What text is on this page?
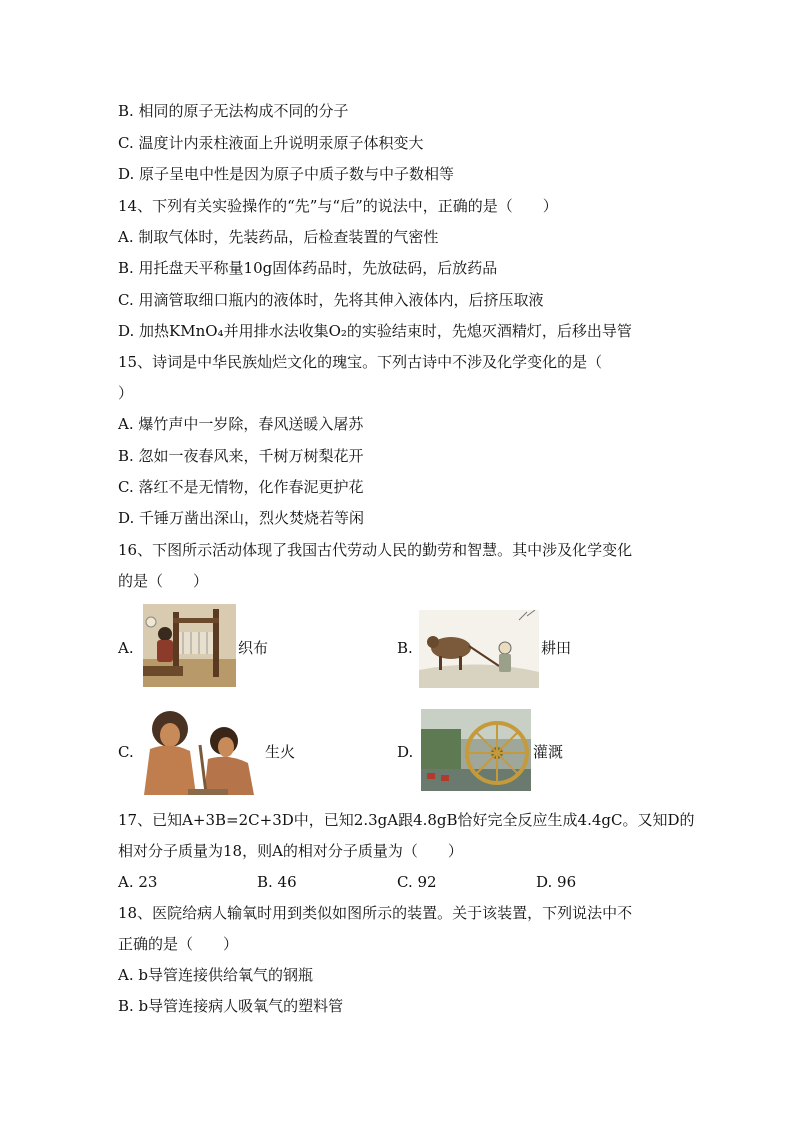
B. 相同的原子无法构成不同的分子
C. 温度计内汞柱液面上升说明汞原子体积变大
D. 原子呈电中性是因为原子中质子数与中子数相等
14、下列有关实验操作的“先”与“后”的说法中，正确的是（　　）
A. 制取气体时，先装药品，后检查装置的气密性
B. 用托盘天平称量10g固体药品时，先放砝码，后放药品
C. 用滴管取细口瓶内的液体时，先将其伸入液体内，后挤压取液
D. 加热KMnO₄并用排水法收集O₂的实验结束时，先熄灭酒精灯，后移出导管
15、诗词是中华民族灿烂文化的瑰宝。下列古诗中不涉及化学变化的是（
）
A. 爆竹声中一岁除，春风送暖入屠苏
B. 忽如一夜春风来，千树万树梨花开
C. 落红不是无情物，化作春泥更护花
D. 千锤万凿出深山，烈火焚烧若等闲
16、下图所示活动体现了我国古代劳动人民的勤劳和智慧。其中涉及化学变化
的是（　　）
A.	织布	B.	耕田
C.	生火	D.	灌溉
17、已知A+3B=2C+3D中，已知2.3gA跟4.8gB恰好完全反应生成4.4gC。又知D的
相对分子质量为18，则A的相对分子质量为（　　）
A. 23	B. 46	C. 92	D. 96
18、医院给病人输氧时用到类似如图所示的装置。关于该装置，下列说法中不
正确的是（　　）
A. b导管连接供给氧气的钢瓶
B. b导管连接病人吸氧气的塑料管
